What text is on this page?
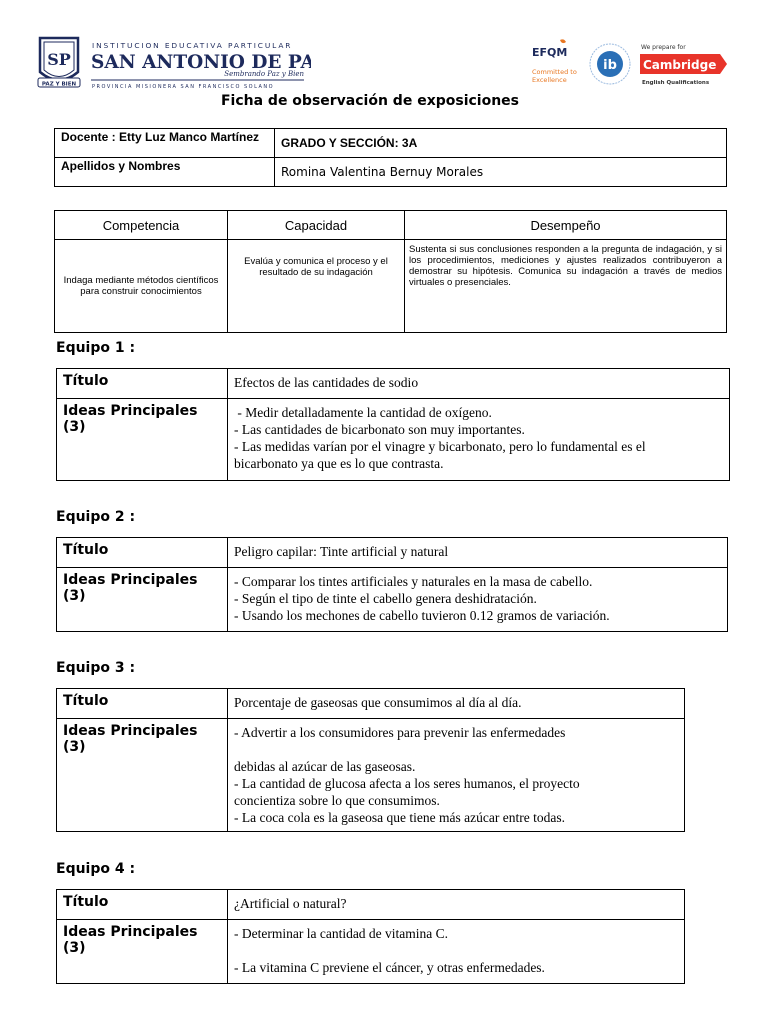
SP
PAZ Y BIEN
INSTITUCION EDUCATIVA PARTICULAR
SAN ANTONIO DE PA
Sembrando Paz y Bien
PROVINCIA MISIONERA SAN FRANCISCO SOLANO
EFQM
Committed to
Excellence
ib
We prepare for
Cambridge
English Qualifications
Ficha de observación de exposiciones
Docente : Etty Luz Manco Martínez	GRADO Y SECCIÓN: 3A
Apellidos y Nombres	Romina Valentina Bernuy Morales
Competencia	Capacidad	Desempeño
Indaga mediante métodos científicos para construir conocimientos	Evalúa y comunica el proceso y el resultado de su indagación	Sustenta si sus conclusiones responden a la pregunta de indagación, y si los procedimientos, mediciones y ajustes realizados contribuyeron a demostrar su hipótesis. Comunica su indagación a través de medios virtuales o presenciales.
Equipo 1 :
Título	Efectos de las cantidades de sodio
Ideas Principales (3)	- Medir detalladamente la cantidad de oxígeno.
- Las cantidades de bicarbonato son muy importantes.
- Las medidas varían por el vinagre y bicarbonato, pero lo fundamental es el bicarbonato ya que es lo que contrasta.
Equipo 2 :
Título	Peligro capilar: Tinte artificial y natural
Ideas Principales (3)	- Comparar los tintes artificiales y naturales en la masa de cabello.
- Según el tipo de tinte el cabello genera deshidratación.
- Usando los mechones de cabello tuvieron 0.12 gramos de variación.
Equipo 3 :
Título	Porcentaje de gaseosas que consumimos al día al día.
Ideas Principales (3)	- Advertir a los consumidores para prevenir las enfermedades
debidas al azúcar de las gaseosas.
- La cantidad de glucosa afecta a los seres humanos, el proyecto concientiza sobre lo que consumimos.
- La coca cola es la gaseosa que tiene más azúcar entre todas.
Equipo 4 :
Título	¿Artificial o natural?
Ideas Principales (3)	- Determinar la cantidad de vitamina C.
- La vitamina C previene el cáncer, y otras enfermedades.
